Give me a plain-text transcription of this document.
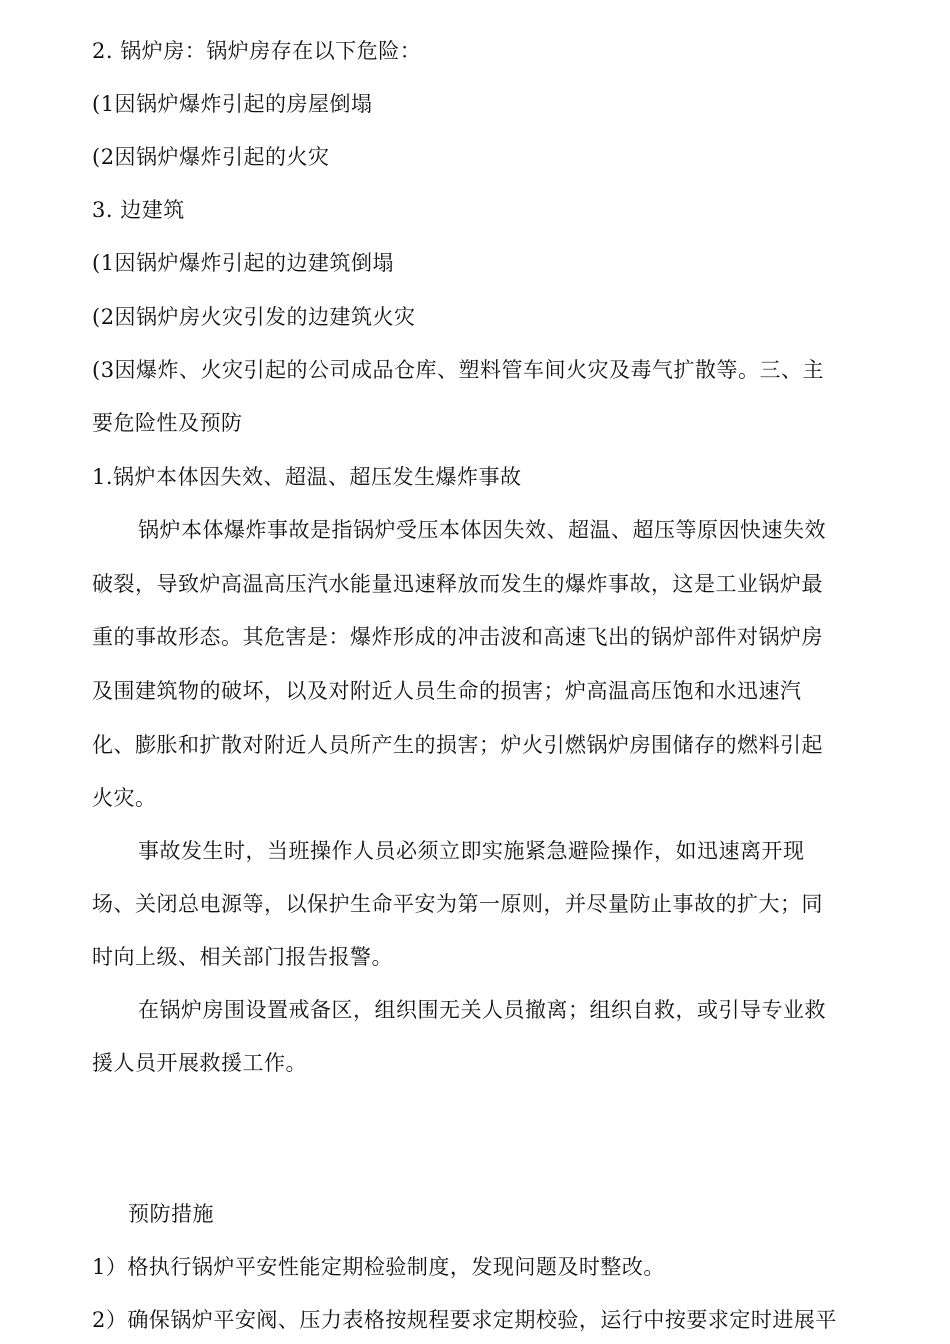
2. 锅炉房：锅炉房存在以下危险：
(1因锅炉爆炸引起的房屋倒塌
(2因锅炉爆炸引起的火灾
3. 边建筑
(1因锅炉爆炸引起的边建筑倒塌
(2因锅炉房火灾引发的边建筑火灾
(3因爆炸、火灾引起的公司成品仓库、塑料管车间火灾及毒气扩散等。三、主
要危险性及预防
1.锅炉本体因失效、超温、超压发生爆炸事故
锅炉本体爆炸事故是指锅炉受压本体因失效、超温、超压等原因快速失效
破裂，导致炉高温高压汽水能量迅速释放而发生的爆炸事故，这是工业锅炉最
重的事故形态。其危害是：爆炸形成的冲击波和高速飞出的锅炉部件对锅炉房
及围建筑物的破坏，以及对附近人员生命的损害；炉高温高压饱和水迅速汽
化、膨胀和扩散对附近人员所产生的损害；炉火引燃锅炉房围储存的燃料引起
火灾。
事故发生时，当班操作人员必须立即实施紧急避险操作，如迅速离开现
场、关闭总电源等，以保护生命平安为第一原则，并尽量防止事故的扩大；同
时向上级、相关部门报告报警。
在锅炉房围设置戒备区，组织围无关人员撤离；组织自救，或引导专业救
援人员开展救援工作。
预防措施
1）格执行锅炉平安性能定期检验制度，发现问题及时整改。
2）确保锅炉平安阀、压力表格按规程要求定期校验，运行中按要求定时进展平
